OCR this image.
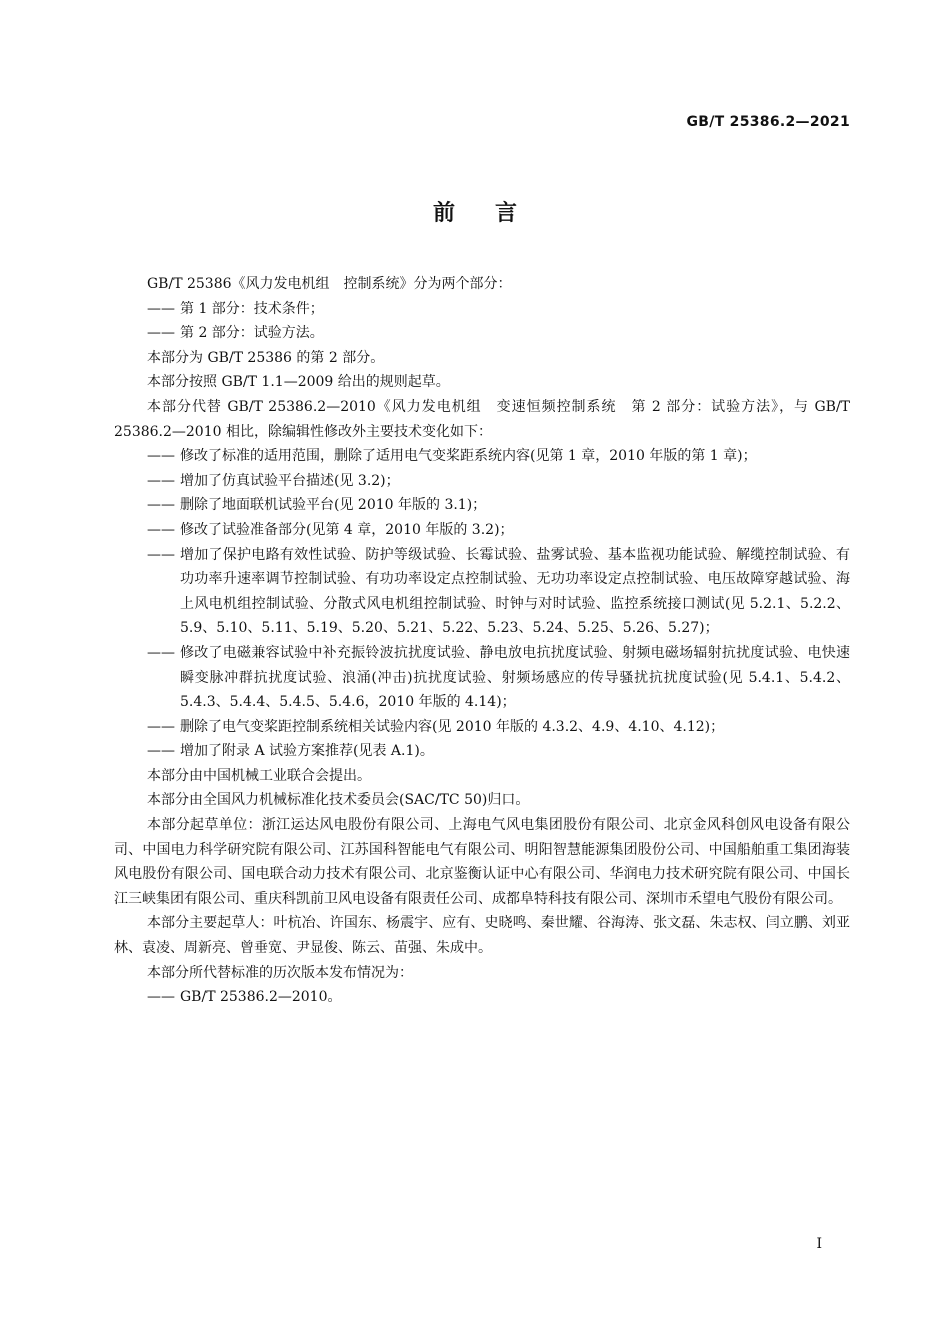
GB/T 25386.2—2021
前言

GB/T 25386《风力发电机组　控制系统》分为两个部分：

—— 第 1 部分：技术条件；

—— 第 2 部分：试验方法。

本部分为 GB/T 25386 的第 2 部分。

本部分按照 GB/T 1.1—2009 给出的规则起草。

本部分代替 GB/T 25386.2—2010《风力发电机组　变速恒频控制系统　第 2 部分：试验方法》，与 GB/T 25386.2—2010 相比，除编辑性修改外主要技术变化如下：

—— 修改了标准的适用范围，删除了适用电气变桨距系统内容(见第 1 章，2010 年版的第 1 章)；

—— 增加了仿真试验平台描述(见 3.2)；

—— 删除了地面联机试验平台(见 2010 年版的 3.1)；

—— 修改了试验准备部分(见第 4 章，2010 年版的 3.2)；

—— 增加了保护电路有效性试验、防护等级试验、长霉试验、盐雾试验、基本监视功能试验、解缆控制试验、有功功率升速率调节控制试验、有功功率设定点控制试验、无功功率设定点控制试验、电压故障穿越试验、海上风电机组控制试验、分散式风电机组控制试验、时钟与对时试验、监控系统接口测试(见 5.2.1、5.2.2、5.9、5.10、5.11、5.19、5.20、5.21、5.22、5.23、5.24、5.25、5.26、5.27)；

—— 修改了电磁兼容试验中补充振铃波抗扰度试验、静电放电抗扰度试验、射频电磁场辐射抗扰度试验、电快速瞬变脉冲群抗扰度试验、浪涌(冲击)抗扰度试验、射频场感应的传导骚扰抗扰度试验(见 5.4.1、5.4.2、5.4.3、5.4.4、5.4.5、5.4.6，2010 年版的 4.14)；

—— 删除了电气变桨距控制系统相关试验内容(见 2010 年版的 4.3.2、4.9、4.10、4.12)；

—— 增加了附录 A 试验方案推荐(见表 A.1)。

本部分由中国机械工业联合会提出。

本部分由全国风力机械标准化技术委员会(SAC/TC 50)归口。

本部分起草单位：浙江运达风电股份有限公司、上海电气风电集团股份有限公司、北京金风科创风电设备有限公司、中国电力科学研究院有限公司、江苏国科智能电气有限公司、明阳智慧能源集团股份公司、中国船舶重工集团海装风电股份有限公司、国电联合动力技术有限公司、北京鉴衡认证中心有限公司、华润电力技术研究院有限公司、中国长江三峡集团有限公司、重庆科凯前卫风电设备有限责任公司、成都阜特科技有限公司、深圳市禾望电气股份有限公司。

本部分主要起草人：叶杭冶、许国东、杨震宇、应有、史晓鸣、秦世耀、谷海涛、张文磊、朱志权、闫立鹏、刘亚林、袁凌、周新亮、曾垂宽、尹显俊、陈云、苗强、朱成中。

本部分所代替标准的历次版本发布情况为：

—— GB/T 25386.2—2010。

I
